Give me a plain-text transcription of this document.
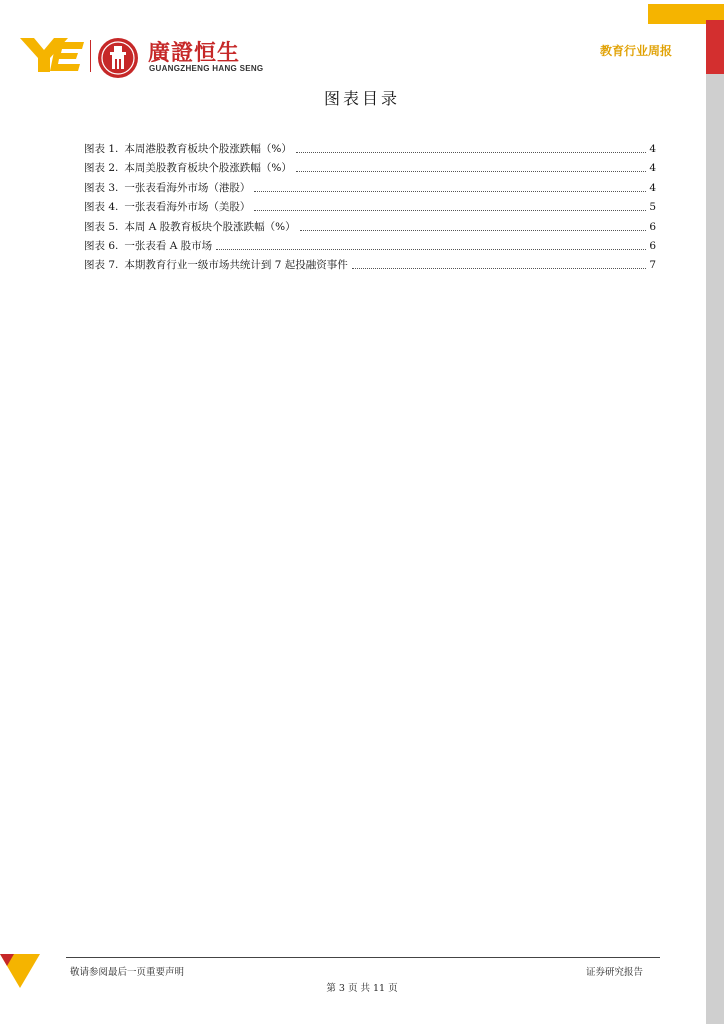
廣證恒生
GUANGZHENG HANG SENG
教育行业周报
图表目录
图表 1. 本周港股教育板块个股涨跌幅（%）	4
图表 2. 本周美股教育板块个股涨跌幅（%）	4
图表 3. 一张表看海外市场（港股）	4
图表 4. 一张表看海外市场（美股）	5
图表 5. 本周 A 股教育板块个股涨跌幅（%）	6
图表 6. 一张表看 A 股市场	6
图表 7. 本期教育行业一级市场共统计到 7 起投融资事件	7
敬请参阅最后一页重要声明	证券研究报告
第 3 页 共 11 页
